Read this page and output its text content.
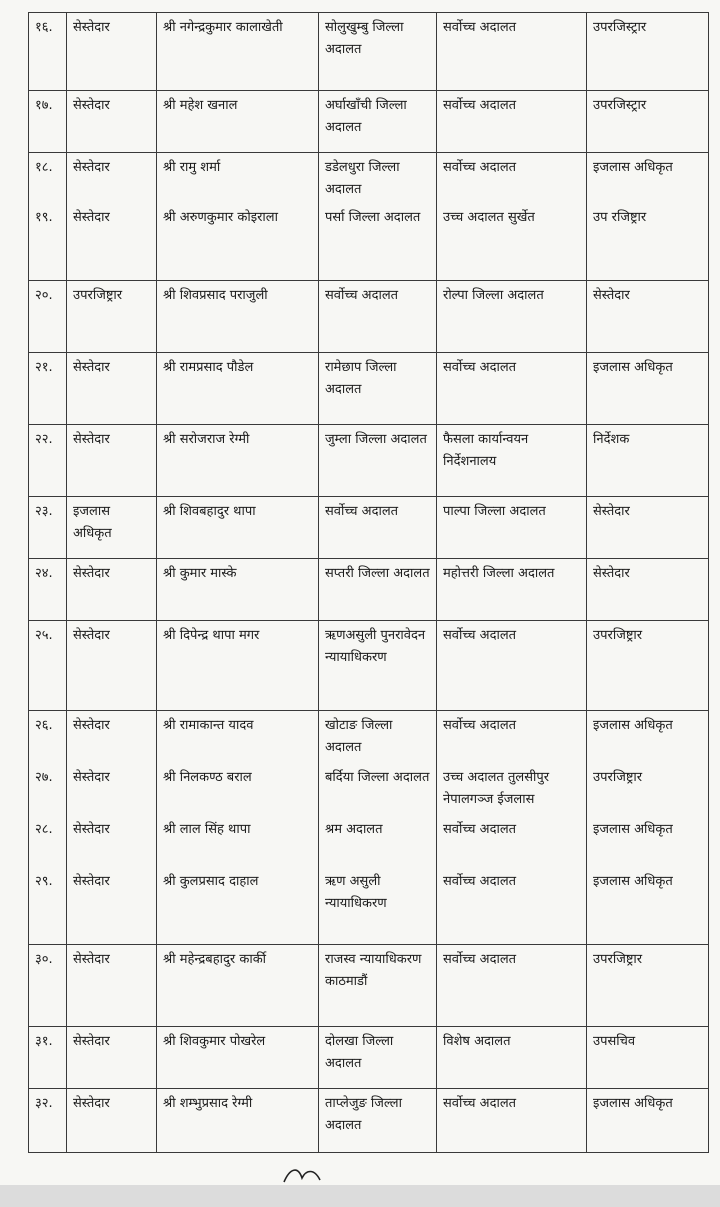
१६.	सेस्तेदार	श्री नगेन्द्रकुमार कालाखेती	सोलुखुम्बु जिल्ला अदालत	सर्वोच्च अदालत	उपरजिस्ट्रार
१७.	सेस्तेदार	श्री महेश खनाल	अर्घाखाँची जिल्ला अदालत	सर्वोच्च अदालत	उपरजिस्ट्रार
१८.	सेस्तेदार	श्री रामु शर्मा	डडेलधुरा जिल्ला अदालत	सर्वोच्च अदालत	इजलास अधिकृत
१९.	सेस्तेदार	श्री अरुणकुमार कोइराला	पर्सा जिल्ला अदालत	उच्च अदालत सुर्खेत	उप रजिष्ट्रार
२०.	उपरजिष्ट्रार	श्री शिवप्रसाद पराजुली	सर्वोच्च अदालत	रोल्पा जिल्ला अदालत	सेस्तेदार
२१.	सेस्तेदार	श्री रामप्रसाद पौडेल	रामेछाप जिल्ला अदालत	सर्वोच्च अदालत	इजलास अधिकृत
२२.	सेस्तेदार	श्री सरोजराज रेग्मी	जुम्ला जिल्ला अदालत	फैसला कार्यान्वयन निर्देशनालय	निर्देशक
२३.	इजलास अधिकृत	श्री शिवबहादुर थापा	सर्वोच्च अदालत	पाल्पा जिल्ला अदालत	सेस्तेदार
२४.	सेस्तेदार	श्री कुमार मास्के	सप्तरी जिल्ला अदालत	महोत्तरी जिल्ला अदालत	सेस्तेदार
२५.	सेस्तेदार	श्री दिपेन्द्र थापा मगर	ऋणअसुली पुनरावेदन न्यायाधिकरण	सर्वोच्च अदालत	उपरजिष्ट्रार
२६.	सेस्तेदार	श्री रामाकान्त यादव	खोटाङ जिल्ला अदालत	सर्वोच्च अदालत	इजलास अधिकृत
२७.	सेस्तेदार	श्री निलकण्ठ बराल	बर्दिया जिल्ला अदालत	उच्च अदालत तुलसीपुर नेपालगञ्ज ईजलास	उपरजिष्ट्रार
२८.	सेस्तेदार	श्री लाल सिंह थापा	श्रम अदालत	सर्वोच्च अदालत	इजलास अधिकृत
२९.	सेस्तेदार	श्री कुलप्रसाद दाहाल	ऋण असुली न्यायाधिकरण	सर्वोच्च अदालत	इजलास अधिकृत
३०.	सेस्तेदार	श्री महेन्द्रबहादुर कार्की	राजस्व न्यायाधिकरण काठमाडौं	सर्वोच्च अदालत	उपरजिष्ट्रार
३१.	सेस्तेदार	श्री शिवकुमार पोखरेल	दोलखा जिल्ला अदालत	विशेष अदालत	उपसचिव
३२.	सेस्तेदार	श्री शम्भुप्रसाद रेग्मी	ताप्लेजुङ जिल्ला अदालत	सर्वोच्च अदालत	इजलास अधिकृत
